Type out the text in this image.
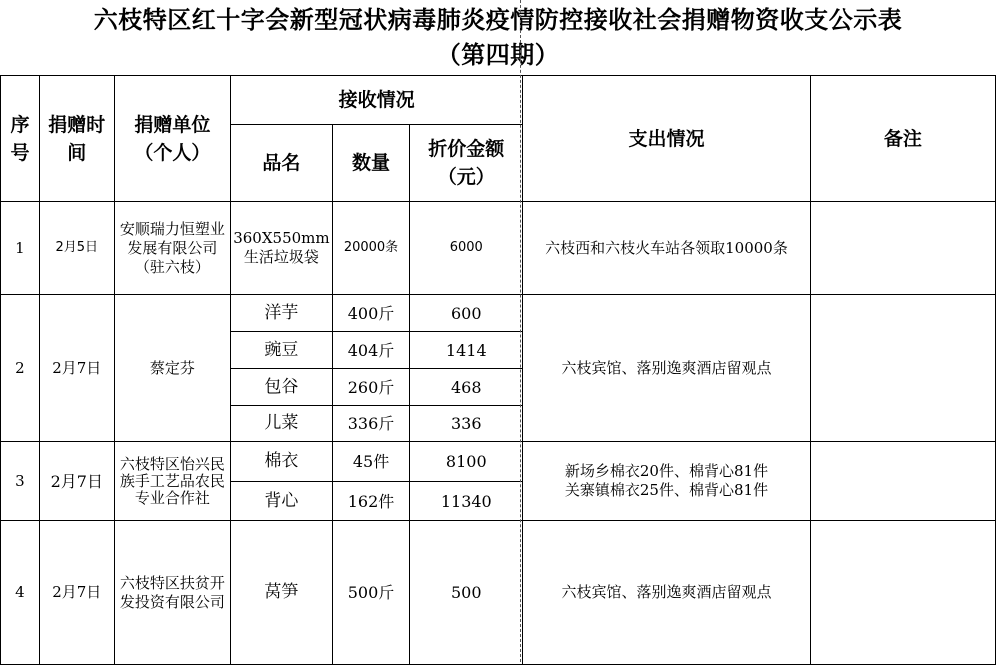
六枝特区红十字会新型冠状病毒肺炎疫情防控接收社会捐赠物资收支公示表
（第四期）
序号	捐赠时间	捐赠单位（个人）	接收情况			支出情况	备注
			品名	数量	折价金额（元）		
1	2月5日	安顺瑞力恒塑业发展有限公司（驻六枝）	360X550mm生活垃圾袋	20000条	6000	六枝西和六枝火车站各领取10000条	
2	2月7日	蔡定芬	洋芋	400斤	600	六枝宾馆、落别逸爽酒店留观点	
			豌豆	404斤	1414		
			包谷	260斤	468		
			儿菜	336斤	336		
3	2月7日	六枝特区怡兴民族手工艺品农民专业合作社	棉衣	45件	8100	新场乡棉衣20件、棉背心81件
关寨镇棉衣25件、棉背心81件	
			背心	162件	11340		
4	2月7日	六枝特区扶贫开发投资有限公司	莴笋	500斤	500	六枝宾馆、落别逸爽酒店留观点	
